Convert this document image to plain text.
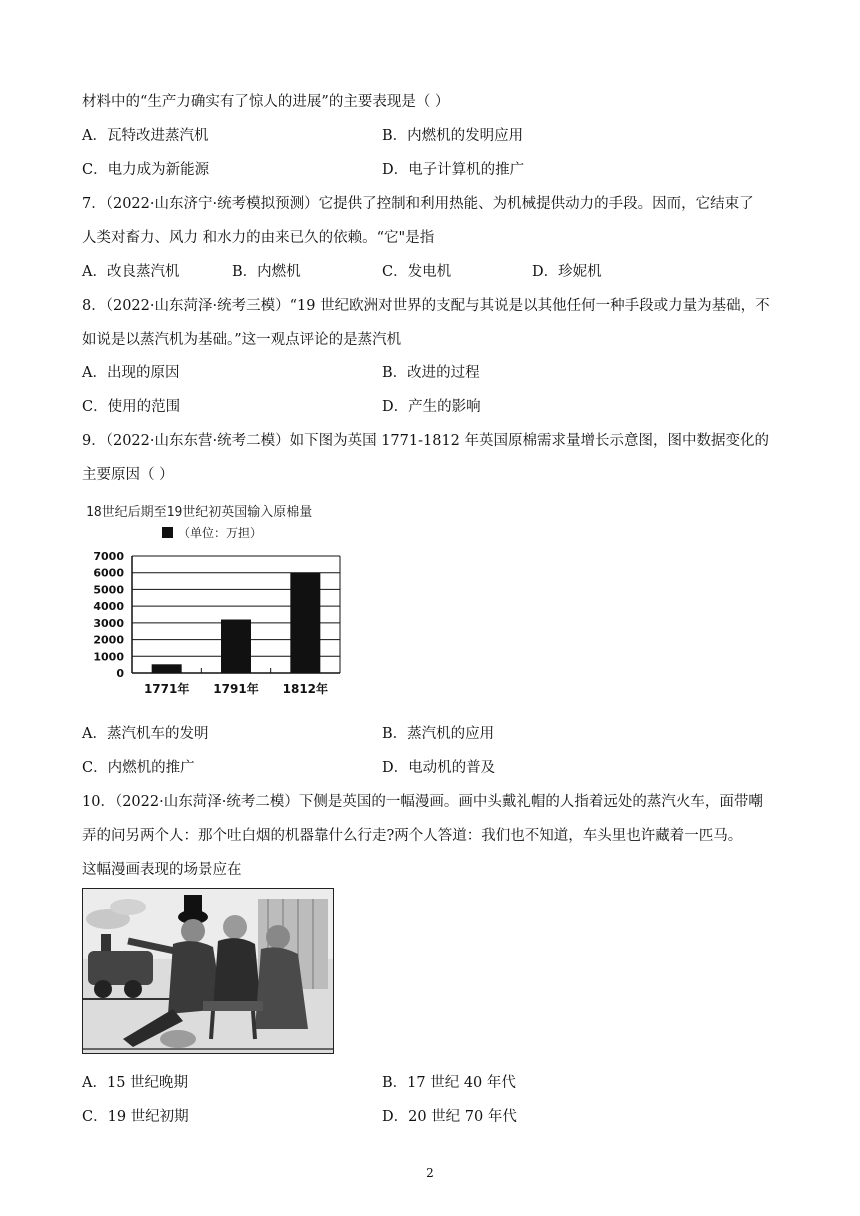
材料中的“生产力确实有了惊人的进展”的主要表现是（ ）
A．瓦特改进蒸汽机	B．内燃机的发明应用
C．电力成为新能源	D．电子计算机的推广
7．（2022·山东济宁·统考模拟预测）它提供了控制和利用热能、为机械提供动力的手段。因而，它结束了
人类对畜力、风力 和水力的由来已久的依赖。“它"是指
A．改良蒸汽机	B．内燃机	C．发电机	D．珍妮机
8．（2022·山东菏泽·统考三模）“19 世纪欧洲对世界的支配与其说是以其他任何一种手段或力量为基础，不
如说是以蒸汽机为基础。”这一观点评论的是蒸汽机
A．出现的原因	B．改进的过程
C．使用的范围	D．产生的影响
9．（2022·山东东营·统考二模）如下图为英国 1771-1812 年英国原棉需求量增长示意图，图中数据变化的
主要原因（ ）
18世纪后期至19世纪初英国输入原棉量
（单位：万担）
7000
6000
5000
4000
3000
2000
1000
0
1771年 1791年 1812年
A．蒸汽机车的发明	B．蒸汽机的应用
C．内燃机的推广	D．电动机的普及
10．（2022·山东菏泽·统考二模）下侧是英国的一幅漫画。画中头戴礼帽的人指着远处的蒸汽火车，面带嘲
弄的问另两个人：那个吐白烟的机器靠什么行走?两个人答道：我们也不知道，车头里也许藏着一匹马。
这幅漫画表现的场景应在
A．15 世纪晚期	B．17 世纪 40 年代
C．19 世纪初期	D．20 世纪 70 年代
2
